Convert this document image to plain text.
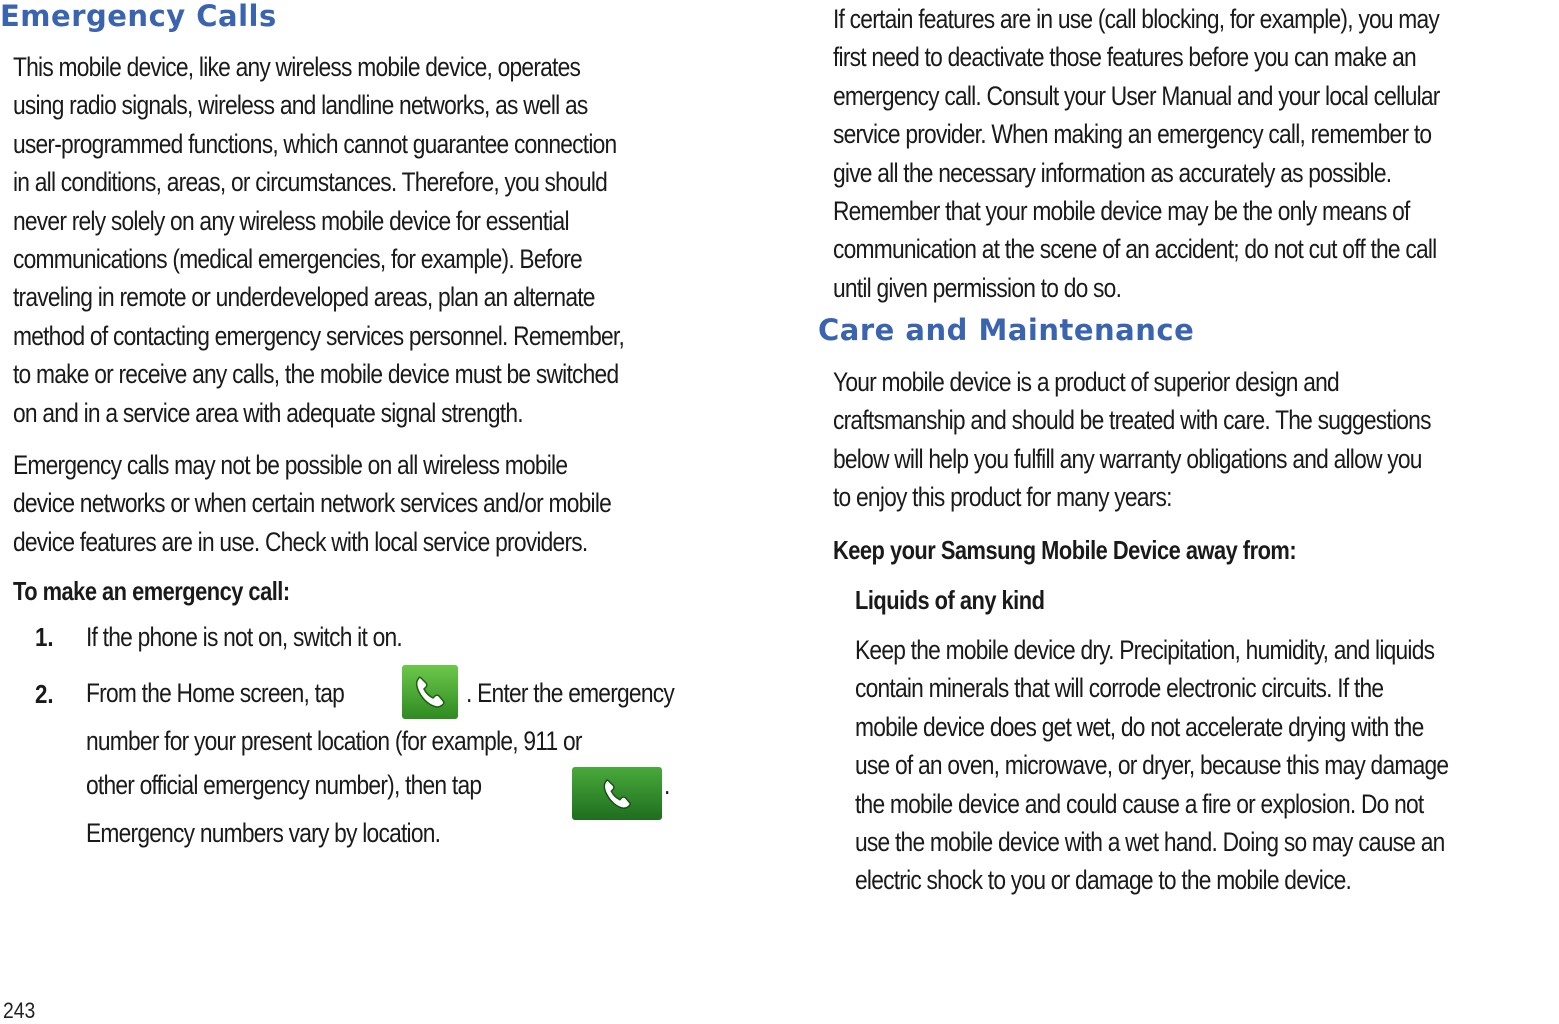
Emergency Calls
This mobile device, like any wireless mobile device, operates
using radio signals, wireless and landline networks, as well as
user-programmed functions, which cannot guarantee connection
in all conditions, areas, or circumstances. Therefore, you should
never rely solely on any wireless mobile device for essential
communications (medical emergencies, for example). Before
traveling in remote or underdeveloped areas, plan an alternate
method of contacting emergency services personnel. Remember,
to make or receive any calls, the mobile device must be switched
on and in a service area with adequate signal strength.
Emergency calls may not be possible on all wireless mobile
device networks or when certain network services and/or mobile
device features are in use. Check with local service providers.
To make an emergency call:
1. If the phone is not on, switch it on.
2. From the Home screen, tap	. Enter the emergency
number for your present location (for example, 911 or
other official emergency number), then tap	.
Emergency numbers vary by location.
If certain features are in use (call blocking, for example), you may
first need to deactivate those features before you can make an
emergency call. Consult your User Manual and your local cellular
service provider. When making an emergency call, remember to
give all the necessary information as accurately as possible.
Remember that your mobile device may be the only means of
communication at the scene of an accident; do not cut off the call
until given permission to do so.
Care and Maintenance
Your mobile device is a product of superior design and
craftsmanship and should be treated with care. The suggestions
below will help you fulfill any warranty obligations and allow you
to enjoy this product for many years:
Keep your Samsung Mobile Device away from:
Liquids of any kind
Keep the mobile device dry. Precipitation, humidity, and liquids
contain minerals that will corrode electronic circuits. If the
mobile device does get wet, do not accelerate drying with the
use of an oven, microwave, or dryer, because this may damage
the mobile device and could cause a fire or explosion. Do not
use the mobile device with a wet hand. Doing so may cause an
electric shock to you or damage to the mobile device.
243
